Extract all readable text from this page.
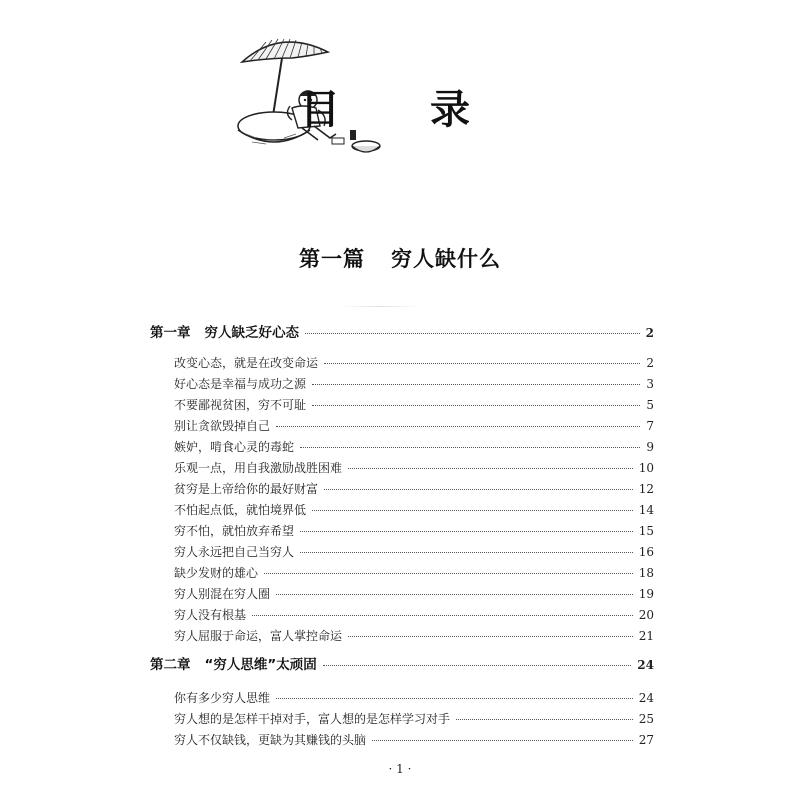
目 录
第一篇 穷人缺什么
第一章 穷人缺乏好心态	2
改变心态，就是在改变命运	2
好心态是幸福与成功之源	3
不要鄙视贫困，穷不可耻	5
别让贪欲毁掉自己	7
嫉妒，啃食心灵的毒蛇	9
乐观一点，用自我激励战胜困难	10
贫穷是上帝给你的最好财富	12
不怕起点低，就怕境界低	14
穷不怕，就怕放弃希望	15
穷人永远把自己当穷人	16
缺少发财的雄心	18
穷人别混在穷人圈	19
穷人没有根基	20
穷人屈服于命运，富人掌控命运	21
第二章 “穷人思维”太顽固	24
你有多少穷人思维	24
穷人想的是怎样干掉对手，富人想的是怎样学习对手	25
穷人不仅缺钱，更缺为其赚钱的头脑	27
· 1 ·
